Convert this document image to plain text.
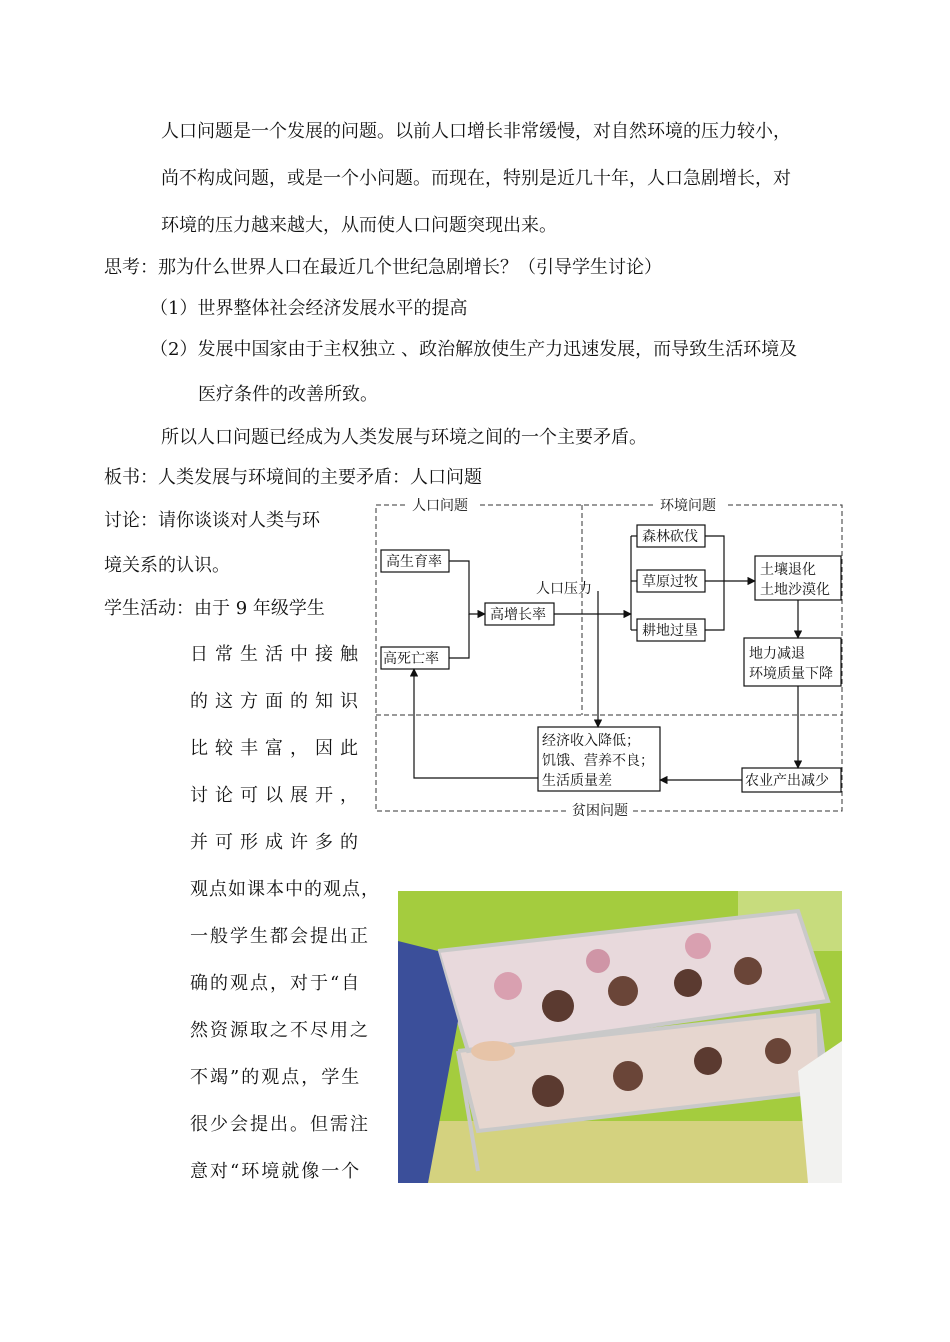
人口问题是一个发展的问题。以前人口增长非常缓慢，对自然环境的压力较小，
尚不构成问题，或是一个小问题。而现在，特别是近几十年，人口急剧增长，对
环境的压力越来越大，从而使人口问题突现出来。
思考：那为什么世界人口在最近几个世纪急剧增长？（引导学生讨论）
（1）世界整体社会经济发展水平的提高
（2）发展中国家由于主权独立 、政治解放使生产力迅速发展，而导致生活环境及
医疗条件的改善所致。
所以人口问题已经成为人类发展与环境之间的一个主要矛盾。
板书：人类发展与环境间的主要矛盾：人口问题
讨论：请你谈谈对人类与环
境关系的认识。
学生活动：由于 9 年级学生
日常生活中接触
的这方面的知识
比较丰富，因此
讨论可以展开，
并可形成许多的
观点如课本中的观点，
一般学生都会提出正
确的观点，对于“自
然资源取之不尽用之
不竭”的观点，学生
很少会提出。但需注
意对“环境就像一个
人口问题	环境问题
贫困问题
高生育率
高死亡率
高增长率
人口压力
森林砍伐
草原过牧
耕地过垦
土壤退化
土地沙漠化
地力减退
环境质量下降
经济收入降低；
饥饿、营养不良；
生活质量差	农业产出减少
